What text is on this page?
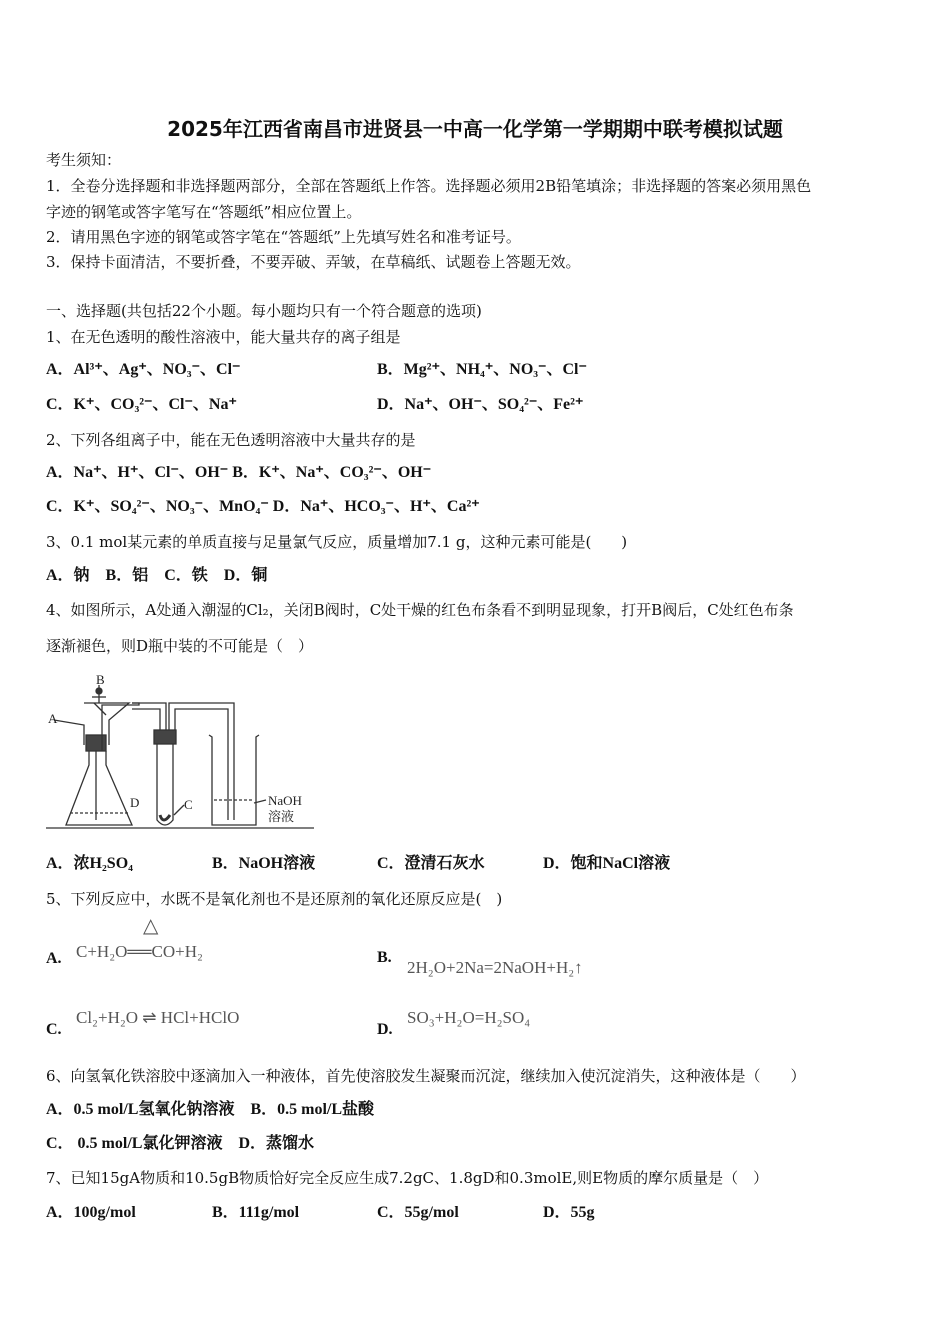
2025年江西省南昌市进贤县一中高一化学第一学期期中联考模拟试题
考生须知：
1．全卷分选择题和非选择题两部分，全部在答题纸上作答。选择题必须用2B铅笔填涂；非选择题的答案必须用黑色
字迹的钢笔或答字笔写在“答题纸”相应位置上。
2．请用黑色字迹的钢笔或答字笔在“答题纸”上先填写姓名和准考证号。
3．保持卡面清洁，不要折叠，不要弄破、弄皱，在草稿纸、试题卷上答题无效。
一、选择题(共包括22个小题。每小题均只有一个符合题意的选项)
1、在无色透明的酸性溶液中，能大量共存的离子组是
A．Al³⁺、Ag⁺、NO₃⁻、Cl⁻	B．Mg²⁺、NH₄⁺、NO₃⁻、Cl⁻
C．K⁺、CO₃²⁻、Cl⁻、Na⁺	D．Na⁺、OH⁻、SO₄²⁻、Fe²⁺
2、下列各组离子中，能在无色透明溶液中大量共存的是
A．Na⁺、H⁺、Cl⁻、OH⁻ B．K⁺、Na⁺、CO₃²⁻、OH⁻
C．K⁺、SO₄²⁻、NO₃⁻、MnO₄⁻ D．Na⁺、HCO₃⁻、H⁺、Ca²⁺
3、0.1 mol某元素的单质直接与足量氯气反应，质量增加7.1 g，这种元素可能是(　　)
A．钠　B．铝　C．铁　D．铜
4、如图所示，A处通入潮湿的Cl₂，关闭B阀时，C处干燥的红色布条看不到明显现象，打开B阀后，C处红色布条
逐渐褪色，则D瓶中装的不可能是（　）
B
A
D	C	NaOH
溶液
A．浓H₂SO₄	B．NaOH溶液	C．澄清石灰水	D．饱和NaCl溶液
5、下列反应中，水既不是氧化剂也不是还原剂的氧化还原反应是(　)
A. C+H₂O══CO+H₂
△
B.
2H₂O+2Na=2NaOH+H₂↑
C.
Cl₂+H₂O ⇌ HCl+HClO
D.
SO₃+H₂O=H₂SO₄
6、向氢氧化铁溶胶中逐滴加入一种液体，首先使溶胶发生凝聚而沉淀，继续加入使沉淀消失，这种液体是（　　）
A．0.5 mol/L氢氧化钠溶液　B．0.5 mol/L盐酸
C． 0.5 mol/L氯化钾溶液　D．蒸馏水
7、已知15gA物质和10.5gB物质恰好完全反应生成7.2gC、1.8gD和0.3molE,则E物质的摩尔质量是（　）
A．100g/mol	B．111g/mol	C．55g/mol	D．55g
